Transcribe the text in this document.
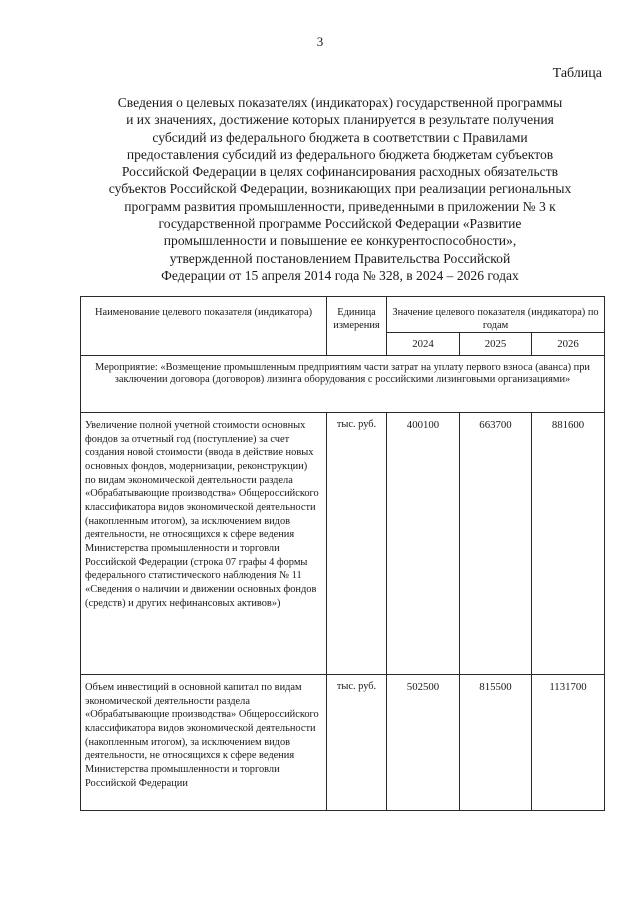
3
Таблица
Сведения о целевых показателях (индикаторах) государственной программы
и их значениях, достижение которых планируется в результате получения
субсидий из федерального бюджета в соответствии с Правилами
предоставления субсидий из федерального бюджета бюджетам субъектов
Российской Федерации в целях софинансирования расходных обязательств
субъектов Российской Федерации, возникающих при реализации региональных
программ развития промышленности, приведенными в приложении № 3 к
государственной программе Российской Федерации «Развитие
промышленности и повышение ее конкурентоспособности»,
утвержденной постановлением Правительства Российской
Федерации от 15 апреля 2014 года № 328, в 2024 – 2026 годах
Наименование целевого показателя (индикатора)	Единица измерения	Значение целевого показателя (индикатора) по годам		
		2024	2025	2026
Мероприятие: «Возмещение промышленным предприятиям части затрат на уплату первого взноса (аванса) при заключении договора (договоров) лизинга оборудования с российскими лизинговыми организациями»				
Увеличение полной учетной стоимости основных фондов за отчетный год (поступление) за счет создания новой стоимости (ввода в действие новых основных фондов, модернизации, реконструкции) по видам экономической деятельности раздела «Обрабатывающие производства» Общероссийского классификатора видов экономической деятельности (накопленным итогом), за исключением видов деятельности, не относящихся к сфере ведения Министерства промышленности и торговли Российской Федерации (строка 07 графы 4 формы федерального статистического наблюдения № 11 «Сведения о наличии и движении основных фондов (средств) и других нефинансовых активов»)	тыс. руб.	400100	663700	881600
Объем инвестиций в основной капитал по видам экономической деятельности раздела «Обрабатывающие производства» Общероссийского классификатора видов экономической деятельности (накопленным итогом), за исключением видов деятельности, не относящихся к сфере ведения Министерства промышленности и торговли Российской Федерации	тыс. руб.	502500	815500	1131700
